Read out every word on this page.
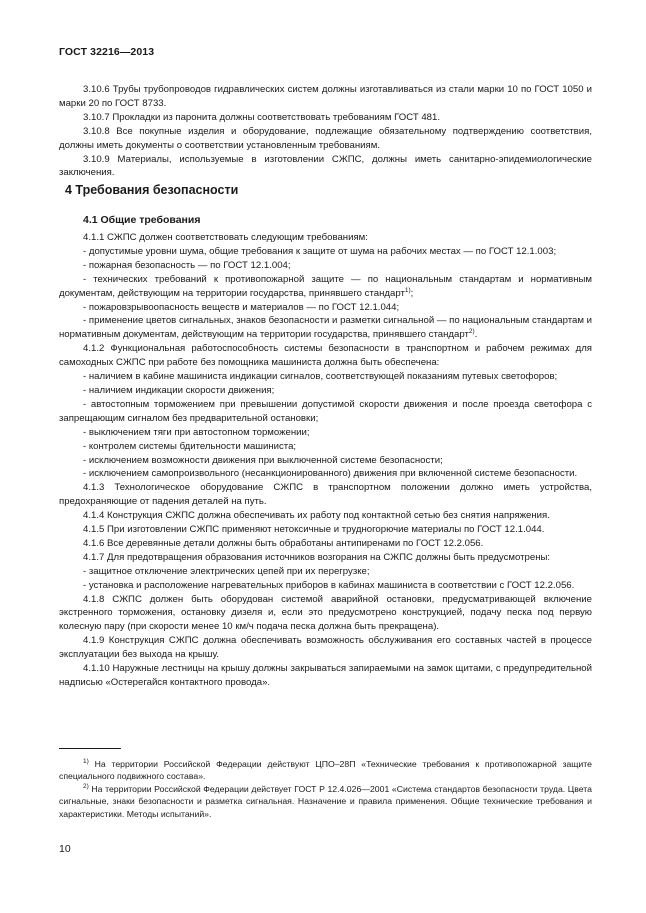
ГОСТ 32216—2013

3.10.6 Трубы трубопроводов гидравлических систем должны изготавливаться из стали марки 10 по ГОСТ 1050 и марки 20 по ГОСТ 8733.

3.10.7 Прокладки из паронита должны соответствовать требованиям ГОСТ 481.

3.10.8 Все покупные изделия и оборудование, подлежащие обязательному подтверждению соответствия, должны иметь документы о соответствии установленным требованиям.

3.10.9 Материалы, используемые в изготовлении СЖПС, должны иметь санитарно-эпидемиологические заключения.

4 Требования безопасности
4.1 Общие требования

4.1.1 СЖПС должен соответствовать следующим требованиям:

- допустимые уровни шума, общие требования к защите от шума на рабочих местах — по ГОСТ 12.1.003;

- пожарная безопасность — по ГОСТ 12.1.004;

- технических требований к противопожарной защите — по национальным стандартам и нормативным документам, действующим на территории государства, принявшего стандарт$^{1)}$;

- пожаровзрывоопасность веществ и материалов — по ГОСТ 12.1.044;

- применение цветов сигнальных, знаков безопасности и разметки сигнальной — по национальным стандартам и нормативным документам, действующим на территории государства, принявшего стандарт$^{2)}$.

4.1.2 Функциональная работоспособность системы безопасности в транспортном и рабочем режимах для самоходных СЖПС при работе без помощника машиниста должна быть обеспечена:

- наличием в кабине машиниста индикации сигналов, соответствующей показаниям путевых светофоров;

- наличием индикации скорости движения;

- автостопным торможением при превышении допустимой скорости движения и после проезда светофора с запрещающим сигналом без предварительной остановки;

- выключением тяги при автостопном торможении;

- контролем системы бдительности машиниста;

- исключением возможности движения при выключенной системе безопасности;

- исключением самопроизвольного (несанкционированного) движения при включенной системе безопасности.

4.1.3 Технологическое оборудование СЖПС в транспортном положении должно иметь устройства, предохраняющие от падения деталей на путь.

4.1.4 Конструкция СЖПС должна обеспечивать их работу под контактной сетью без снятия напряжения.

4.1.5 При изготовлении СЖПС применяют нетоксичные и трудногорючие материалы по ГОСТ 12.1.044.

4.1.6 Все деревянные детали должны быть обработаны антипиренами по ГОСТ 12.2.056.

4.1.7 Для предотвращения образования источников возгорания на СЖПС должны быть предусмотрены:

- защитное отключение электрических цепей при их перегрузке;

- установка и расположение нагревательных приборов в кабинах машиниста в соответствии с ГОСТ 12.2.056.

4.1.8 СЖПС должен быть оборудован системой аварийной остановки, предусматривающей включение экстренного торможения, остановку дизеля и, если это предусмотрено конструкцией, подачу песка под первую колесную пару (при скорости менее 10 км/ч подача песка должна быть прекращена).

4.1.9 Конструкция СЖПС должна обеспечивать возможность обслуживания его составных частей в процессе эксплуатации без выхода на крышу.

4.1.10 Наружные лестницы на крышу должны закрываться запираемыми на замок щитами, с предупредительной надписью «Остерегайся контактного провода».

$^{1)}$ На территории Российской Федерации действуют ЦПО–28П «Технические требования к противопожарной защите специального подвижного состава».

$^{2)}$ На территории Российской Федерации действует ГОСТ Р 12.4.026—2001 «Система стандартов безопасности труда. Цвета сигнальные, знаки безопасности и разметка сигнальная. Назначение и правила применения. Общие технические требования и характеристики. Методы испытаний».

10
